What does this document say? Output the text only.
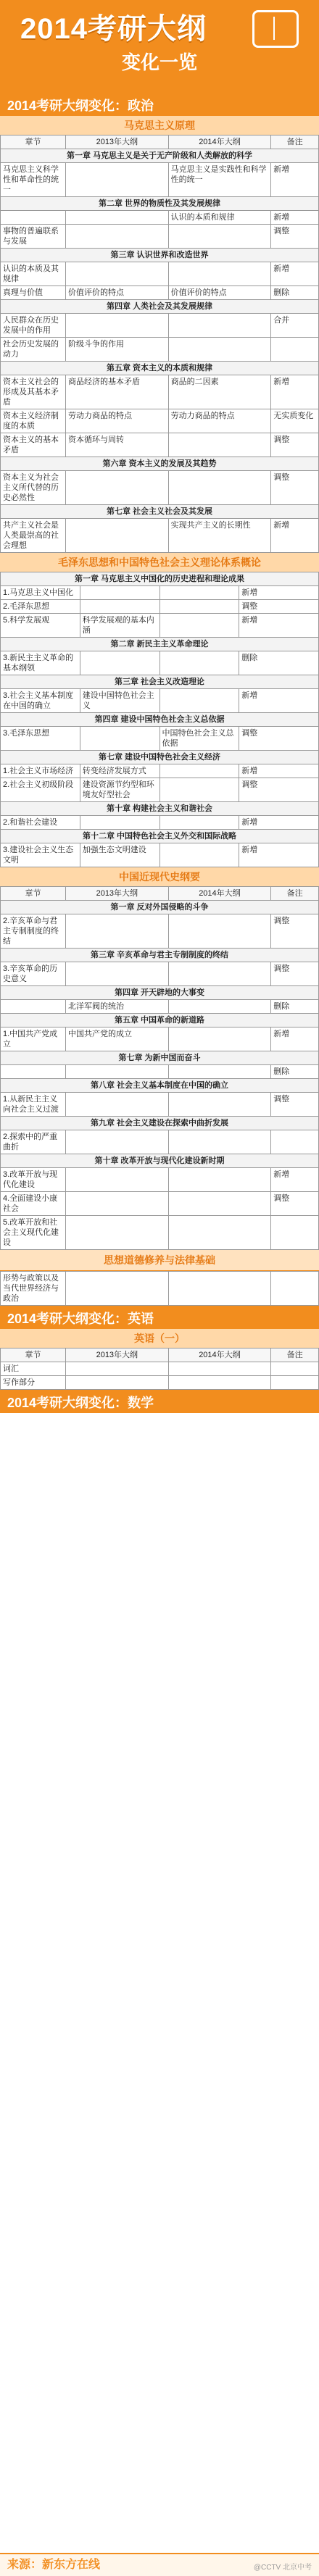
2014考研大纲
变化一览
2014考研大纲变化：政治
马克思主义原理
章节	2013年大纲	2014年大纲	备注
第一章 马克思主义是关于无产阶级和人类解放的科学			
马克思主义科学性和革命性的统一		马克思主义是实践性和科学性的统一	新增
第二章 世界的物质性及其发展规律			
		认识的本质和规律	新增
事物的普遍联系与发展			调整
第三章 认识世界和改造世界			
认识的本质及其规律			新增
真理与价值	价值评价的特点	价值评价的特点	删除
第四章 人类社会及其发展规律			
人民群众在历史发展中的作用			合并
社会历史发展的动力	阶级斗争的作用		
第五章 资本主义的本质和规律			
资本主义社会的形成及其基本矛盾	商品经济的基本矛盾	商品的二因素	新增
资本主义经济制度的本质	劳动力商品的特点	劳动力商品的特点	无实质变化
资本主义的基本矛盾	资本循环与周转		调整
第六章 资本主义的发展及其趋势			
资本主义为社会主义所代替的历史必然性			调整
第七章 社会主义社会及其发展			
共产主义社会是人类最崇高的社会理想		实现共产主义的长期性	新增
毛泽东思想和中国特色社会主义理论体系概论
第一章 马克思主义中国化的历史进程和理论成果			
1.马克思主义中国化			新增
2.毛泽东思想			调整
5.科学发展观	科学发展观的基本内涵		新增
第二章 新民主主义革命理论			
3.新民主主义革命的基本纲领			删除
第三章 社会主义改造理论			
3.社会主义基本制度在中国的确立	建设中国特色社会主义		新增
第四章 建设中国特色社会主义总依据			
3.毛泽东思想		中国特色社会主义总依据	调整
第七章 建设中国特色社会主义经济			
1.社会主义市场经济	转变经济发展方式		新增
2.社会主义初级阶段	建设资源节约型和环境友好型社会		调整
第十章 构建社会主义和谐社会			
2.和谐社会建设			新增
第十二章 中国特色社会主义外交和国际战略			
3.建设社会主义生态文明	加强生态文明建设		新增
中国近现代史纲要
章节	2013年大纲	2014年大纲	备注
第一章 反对外国侵略的斗争			
2.辛亥革命与君主专制制度的终结			调整
第三章 辛亥革命与君主专制制度的终结			
3.辛亥革命的历史意义			调整
第四章 开天辟地的大事变			
	北洋军阀的统治		删除
第五章 中国革命的新道路			
1.中国共产党成立	中国共产党的成立		新增
第七章 为新中国而奋斗			
			删除
第八章 社会主义基本制度在中国的确立			
1.从新民主主义向社会主义过渡			调整
第九章 社会主义建设在探索中曲折发展			
2.探索中的严重曲折			
第十章 改革开放与现代化建设新时期			
3.改革开放与现代化建设			新增
4.全面建设小康社会			调整
5.改革开放和社会主义现代化建设			
思想道德修养与法律基础
形势与政策以及当代世界经济与政治			
2014考研大纲变化：英语
英语（一）
章节	2013年大纲	2014年大纲	备注
词汇			
写作部分			
2014考研大纲变化：数学
来源：新东方在线	@CCTV 北京中考
